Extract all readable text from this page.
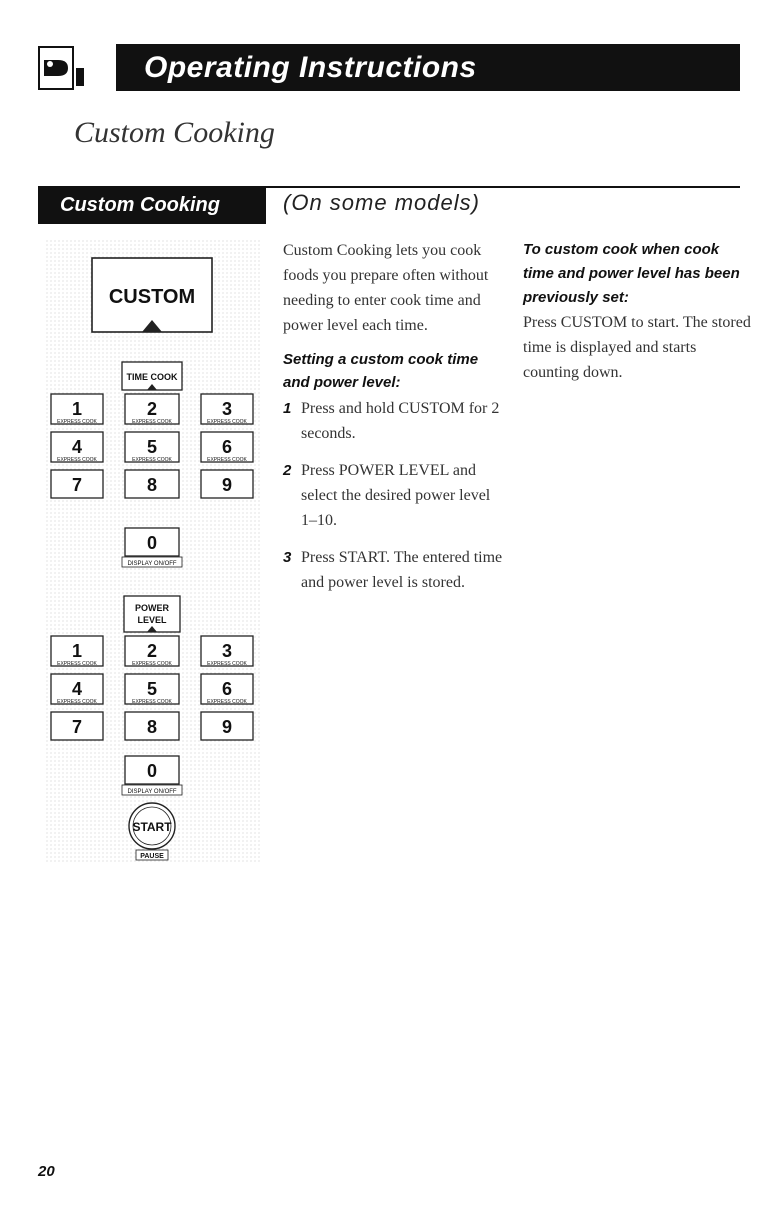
Operating Instructions
Custom Cooking
Custom Cooking	(On some models)
CUSTOM
TIME COOK
1
EXPRESS COOK
2
EXPRESS COOK
3
EXPRESS COOK
4
EXPRESS COOK
5
EXPRESS COOK
6
EXPRESS COOK
7	8	9
0
DISPLAY ON/OFF
POWER
LEVEL
1
EXPRESS COOK
2
EXPRESS COOK
3
EXPRESS COOK
4
EXPRESS COOK
5
EXPRESS COOK
6
EXPRESS COOK
7	8	9
0
DISPLAY ON/OFF
START
PAUSE

Custom Cooking lets you cook foods you prepare often without needing to enter cook time and power level each time.

Setting a custom cook time
and power level:
1 Press and hold CUSTOM for 2 seconds.

2 Press POWER LEVEL and select the desired power level 1–10.

3 Press START. The entered time and power level is stored.

To custom cook when cook time and power level has been previously set:

Press CUSTOM to start. The stored time is displayed and starts counting down.

20
